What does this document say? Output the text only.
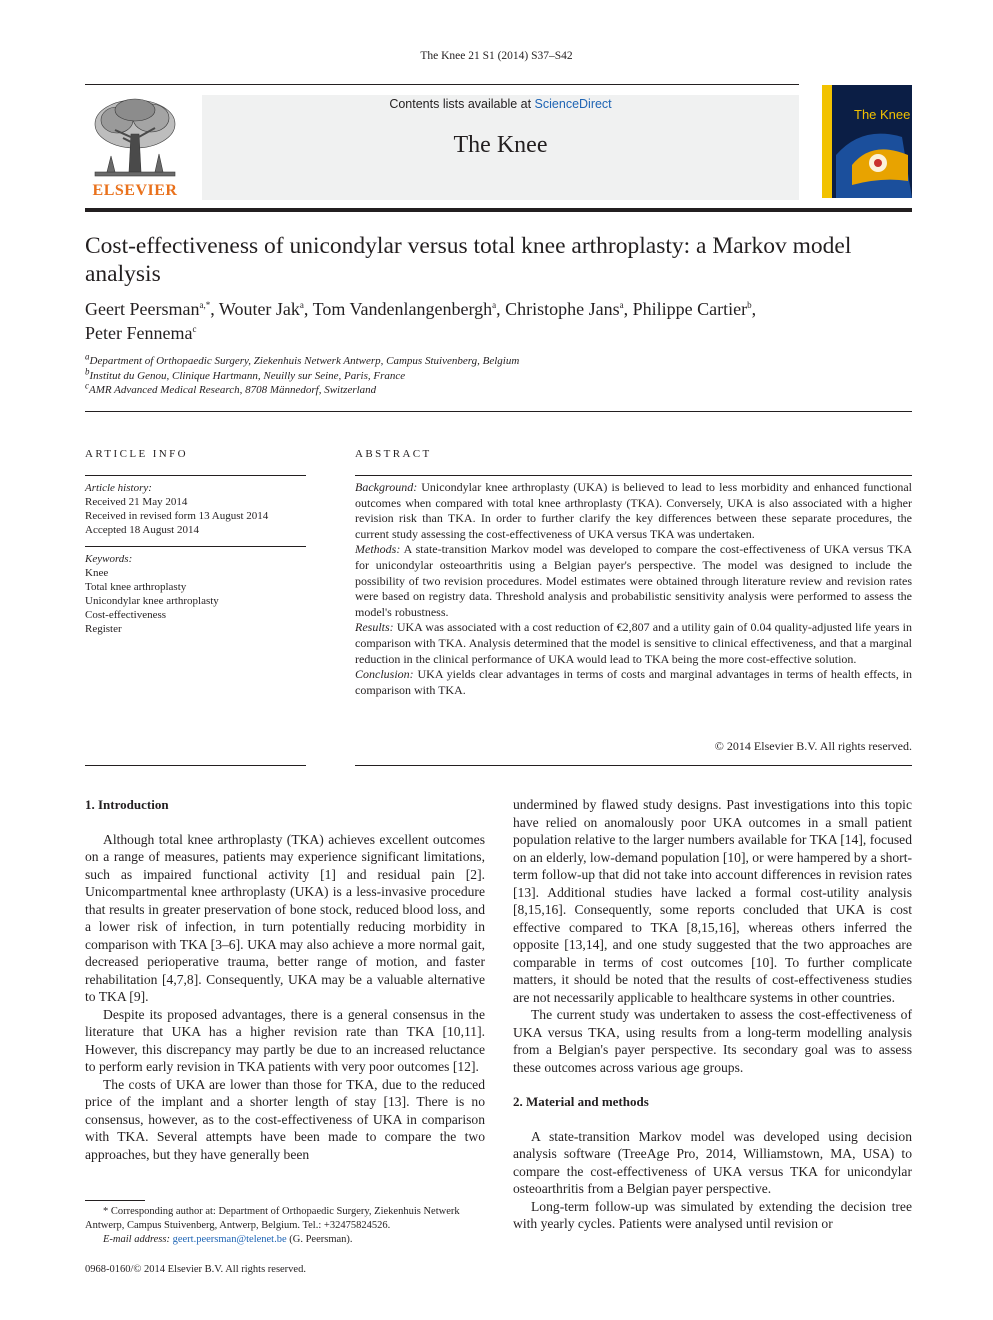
The Knee 21 S1 (2014) S37–S42
ELSEVIER
Contents lists available at ScienceDirect
The Knee
The Knee
Cost-effectiveness of unicondylar versus total knee arthroplasty: a Markov model analysis
Geert Peersman$^{a,*}$, Wouter Jak$^a$, Tom Vandenlangenbergh$^a$, Christophe Jans$^a$, Philippe Cartier$^b$,
Peter Fennema$^c$
$^a$Department of Orthopaedic Surgery, Ziekenhuis Netwerk Antwerp, Campus Stuivenberg, Belgium
$^b$Institut du Genou, Clinique Hartmann, Neuilly sur Seine, Paris, France
$^c$AMR Advanced Medical Research, 8708 Männedorf, Switzerland
ARTICLE INFO
Article history:
Received 21 May 2014
Received in revised form 13 August 2014
Accepted 18 August 2014
Keywords:
Knee
Total knee arthroplasty
Unicondylar knee arthroplasty
Cost-effectiveness
Register
ABSTRACT

Background: Unicondylar knee arthroplasty (UKA) is believed to lead to less morbidity and enhanced functional outcomes when compared with total knee arthroplasty (TKA). Conversely, UKA is also associated with a higher revision risk than TKA. In order to further clarify the key differences between these separate procedures, the current study assessing the cost-effectiveness of UKA versus TKA was undertaken.

Methods: A state-transition Markov model was developed to compare the cost-effectiveness of UKA versus TKA for unicondylar osteoarthritis using a Belgian payer's perspective. The model was designed to include the possibility of two revision procedures. Model estimates were obtained through literature review and revision rates were based on registry data. Threshold analysis and probabilistic sensitivity analysis were performed to assess the model's robustness.

Results: UKA was associated with a cost reduction of €2,807 and a utility gain of 0.04 quality-adjusted life years in comparison with TKA. Analysis determined that the model is sensitive to clinical effectiveness, and that a marginal reduction in the clinical performance of UKA would lead to TKA being the more cost-effective solution.

Conclusion: UKA yields clear advantages in terms of costs and marginal advantages in terms of health effects, in comparison with TKA.

© 2014 Elsevier B.V. All rights reserved.
1. Introduction

Although total knee arthroplasty (TKA) achieves excellent outcomes on a range of measures, patients may experience significant limitations, such as impaired functional activity [1] and residual pain [2]. Unicompartmental knee arthroplasty (UKA) is a less-invasive procedure that results in greater preservation of bone stock, reduced blood loss, and a lower risk of infection, in turn potentially reducing morbidity in comparison with TKA [3–6]. UKA may also achieve a more normal gait, decreased perioperative trauma, better range of motion, and faster rehabilitation [4,7,8]. Consequently, UKA may be a valuable alternative to TKA [9].

Despite its proposed advantages, there is a general consensus in the literature that UKA has a higher revision rate than TKA [10,11]. However, this discrepancy may partly be due to an increased reluctance to perform early revision in TKA patients with very poor outcomes [12].

The costs of UKA are lower than those for TKA, due to the reduced price of the implant and a shorter length of stay [13]. There is no consensus, however, as to the cost-effectiveness of UKA in comparison with TKA. Several attempts have been made to compare the two approaches, but they have generally been

undermined by flawed study designs. Past investigations into this topic have relied on anomalously poor UKA outcomes in a small patient population relative to the larger numbers available for TKA [14], focused on an elderly, low-demand population [10], or were hampered by a short-term follow-up that did not take into account differences in revision rates [13]. Additional studies have lacked a formal cost-utility analysis [8,15,16]. Consequently, some reports concluded that UKA is cost effective compared to TKA [8,15,16], whereas others inferred the opposite [13,14], and one study suggested that the two approaches are comparable in terms of cost outcomes [10]. To further complicate matters, it should be noted that the results of cost-effectiveness studies are not necessarily applicable to healthcare systems in other countries.

The current study was undertaken to assess the cost-effectiveness of UKA versus TKA, using results from a long-term modelling analysis from a Belgian's payer perspective. Its secondary goal was to assess these outcomes across various age groups.

2. Material and methods

A state-transition Markov model was developed using decision analysis software (TreeAge Pro, 2014, Williamstown, MA, USA) to compare the cost-effectiveness of UKA versus TKA for unicondylar osteoarthritis from a Belgian payer perspective.

Long-term follow-up was simulated by extending the decision tree with yearly cycles. Patients were analysed until revision or

* Corresponding author at: Department of Orthopaedic Surgery, Ziekenhuis Netwerk Antwerp, Campus Stuivenberg, Antwerp, Belgium. Tel.: +32475824526.
E-mail address: geert.peersman@telenet.be (G. Peersman).
0968-0160/© 2014 Elsevier B.V. All rights reserved.
